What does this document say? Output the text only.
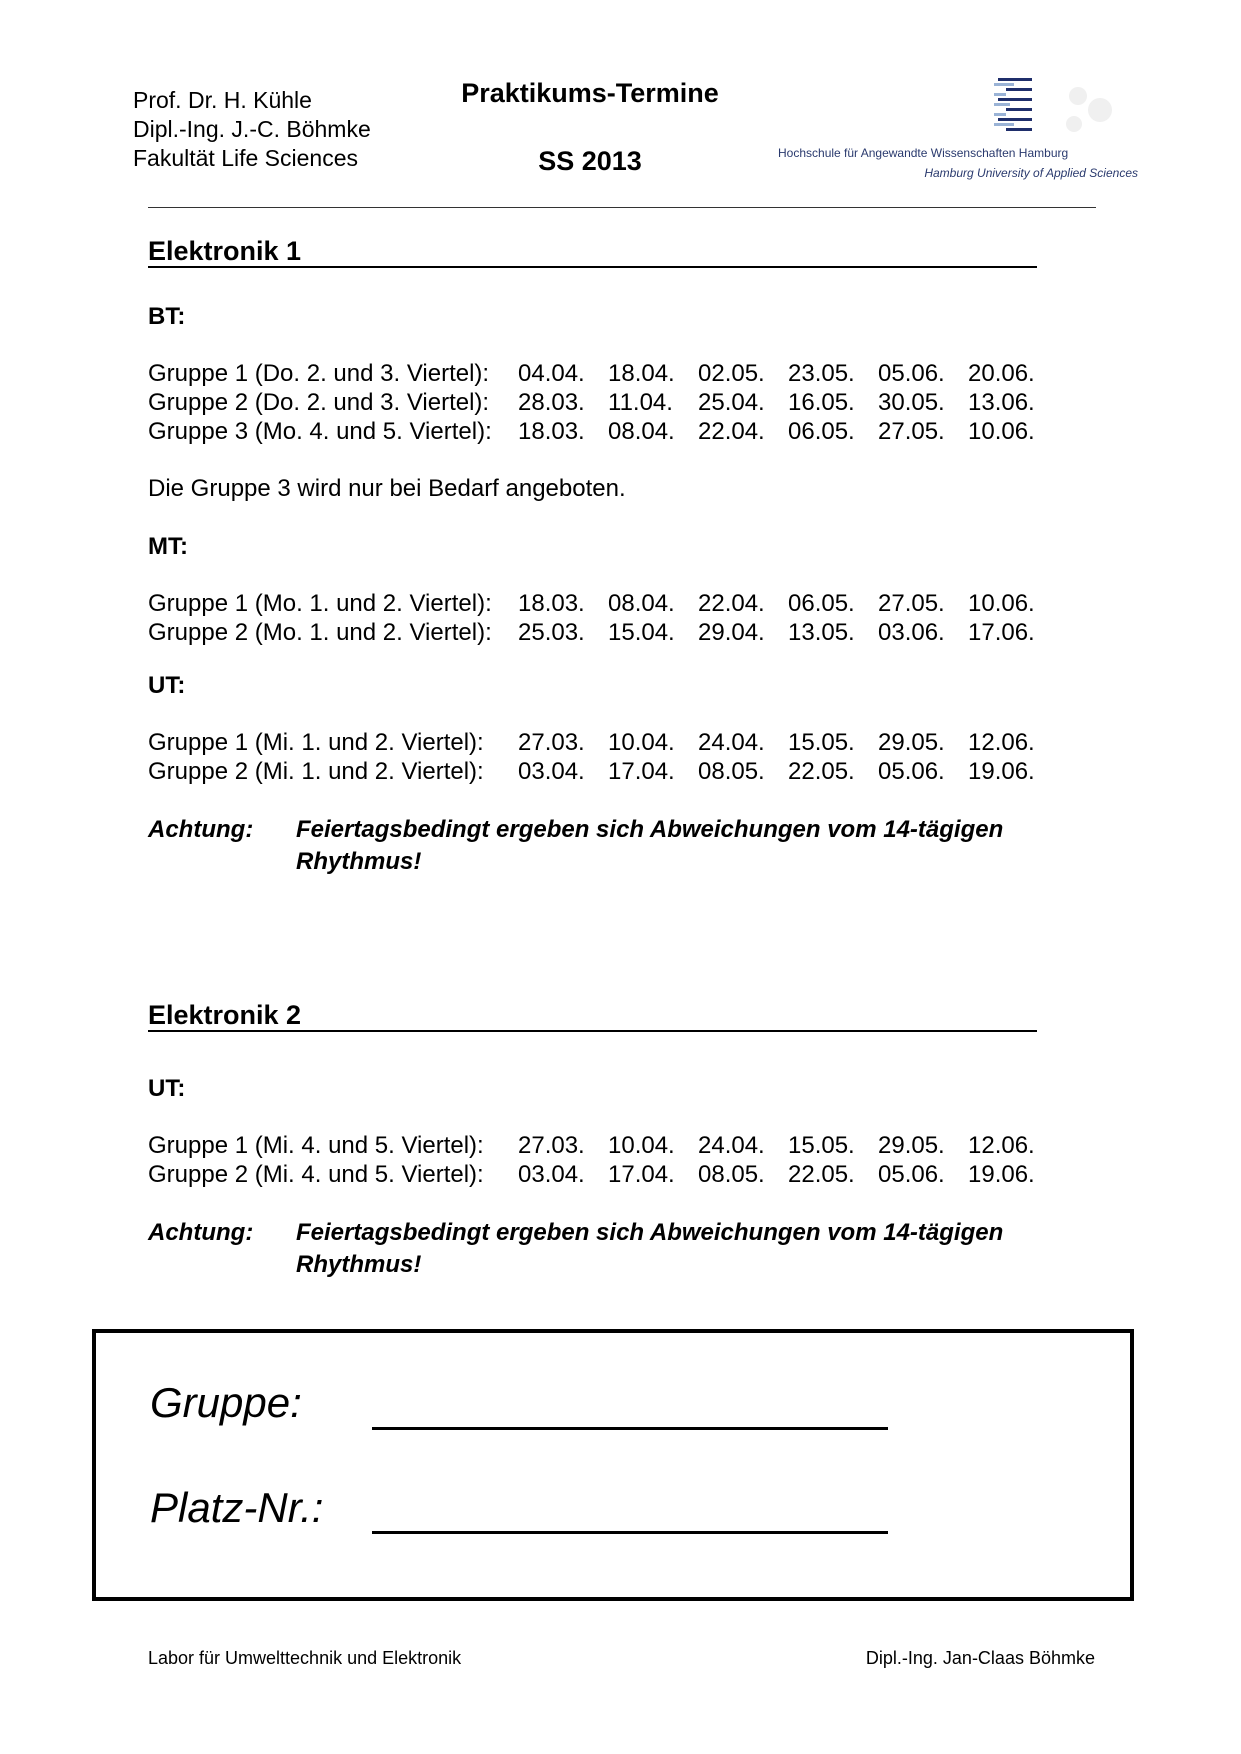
Prof. Dr. H. Kühle
Dipl.-Ing. J.-C. Böhmke
Fakultät Life Sciences
Praktikums-Termine
SS 2013	Hochschule für Angewandte Wissenschaften Hamburg
Hamburg University of Applied Sciences
Elektronik 1
BT:
Gruppe 1 (Do. 2. und 3. Viertel): 04.04. 18.04. 02.05. 23.05. 05.06. 20.06.
Gruppe 2 (Do. 2. und 3. Viertel): 28.03. 11.04. 25.04. 16.05. 30.05. 13.06.
Gruppe 3 (Mo. 4. und 5. Viertel): 18.03. 08.04. 22.04. 06.05. 27.05. 10.06.
Die Gruppe 3 wird nur bei Bedarf angeboten.
MT:
Gruppe 1 (Mo. 1. und 2. Viertel): 18.03. 08.04. 22.04. 06.05. 27.05. 10.06.
Gruppe 2 (Mo. 1. und 2. Viertel): 25.03. 15.04. 29.04. 13.05. 03.06. 17.06.
UT:
Gruppe 1 (Mi. 1. und 2. Viertel): 27.03. 10.04. 24.04. 15.05. 29.05. 12.06.
Gruppe 2 (Mi. 1. und 2. Viertel): 03.04. 17.04. 08.05. 22.05. 05.06. 19.06.
Achtung: Feiertagsbedingt ergeben sich Abweichungen vom 14-tägigen Rhythmus!
Elektronik 2
UT:
Gruppe 1 (Mi. 4. und 5. Viertel): 27.03. 10.04. 24.04. 15.05. 29.05. 12.06.
Gruppe 2 (Mi. 4. und 5. Viertel): 03.04. 17.04. 08.05. 22.05. 05.06. 19.06.
Achtung: Feiertagsbedingt ergeben sich Abweichungen vom 14-tägigen Rhythmus!
Gruppe:
Platz-Nr.:
Labor für Umwelttechnik und Elektronik	Dipl.-Ing. Jan-Claas Böhmke
